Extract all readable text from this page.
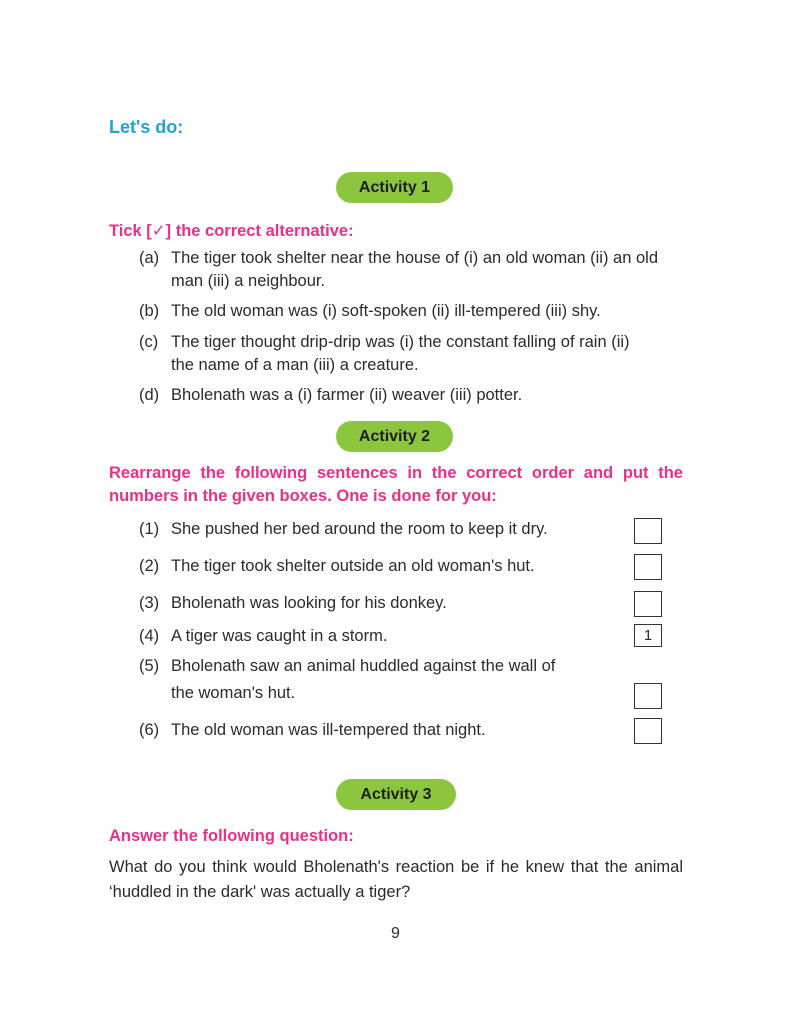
Let's do:
Activity 1
Tick [✓] the correct alternative:
(a) The tiger took shelter near the house of (i) an old woman (ii) an old
man (iii) a neighbour.
(b) The old woman was (i) soft-spoken (ii) ill-tempered (iii) shy.
(c) The tiger thought drip-drip was (i) the constant falling of rain (ii)
the name of a man (iii) a creature.
(d) Bholenath was a (i) farmer (ii) weaver (iii) potter.
Activity 2
Rearrange the following sentences in the correct order and put the
numbers in the given boxes. One is done for you:
(1) She pushed her bed around the room to keep it dry.
(2) The tiger took shelter outside an old woman's hut.
(3) Bholenath was looking for his donkey.
(4) A tiger was caught in a storm.	1
(5) Bholenath saw an animal huddled against the wall of
the woman's hut.
(6) The old woman was ill-tempered that night.
Activity 3
Answer the following question:
What do you think would Bholenath's reaction be if he knew that the animal
‘huddled in the dark' was actually a tiger?
9
